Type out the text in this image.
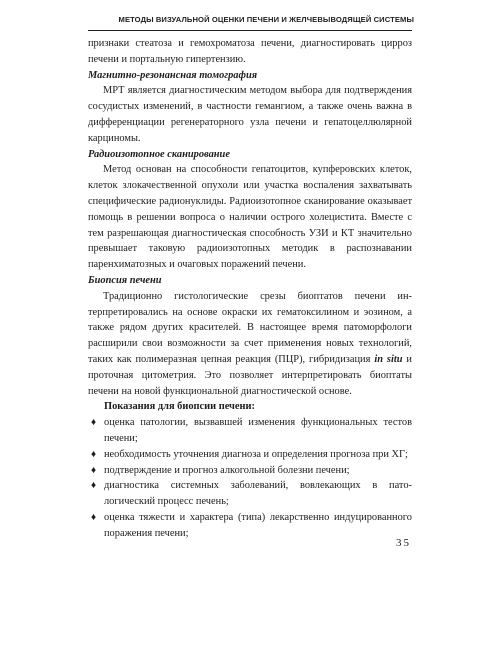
МЕТОДЫ ВИЗУАЛЬНОЙ ОЦЕНКИ ПЕЧЕНИ И ЖЕЛЧЕВЫВОДЯЩЕЙ СИСТЕМЫ

признаки стеатоза и гемохроматоза печени, диагностировать цирроз печени и портальную гипертензию.

Магнитно-резонансная томография

МРТ является диагностическим методом выбора для подтверждения сосудистых изменений, в частности гемангиом, а также очень важна в дифференциации регенераторного узла печени и гепатоцеллюлярной карциномы.

Радиоизотопное сканирование

Метод основан на способности гепатоцитов, купферовских клеток, клеток злокачественной опухоли или участка воспаления захватывать специфические радионуклиды. Радиоизотопное сканирование оказывает помощь в решении вопроса о наличии острого холецистита. Вместе с тем разрешающая диагностическая способность УЗИ и КТ значительно превышает таковую радиоизотопных методик в распознавании паренхиматозных и очаговых поражений печени.

Биопсия печени

Традиционно гистологические срезы биоптатов печени интерпретировались на основе окраски их гематоксилином и эозином, а также рядом других красителей. В настоящее время патоморфологи расширили свои возможности за счет применения новых технологий, таких как полимеразная цепная реакция (ПЦР), гибридизация in situ и проточная цитометрия. Это позволяет интерпретировать биоптаты печени на новой функциональной диагностической основе.

Показания для биопсии печени:

♦ оценка патологии, вызвавшей изменения функциональных тестов печени;
♦ необходимость уточнения диагноза и определения прогноза при ХГ;
♦ подтверждение и прогноз алкогольной болезни печени;
♦ диагностика системных заболеваний, вовлекающих в патологический процесс печень;
♦ оценка тяжести и характера (типа) лекарственно индуцированного поражения печени;
35
